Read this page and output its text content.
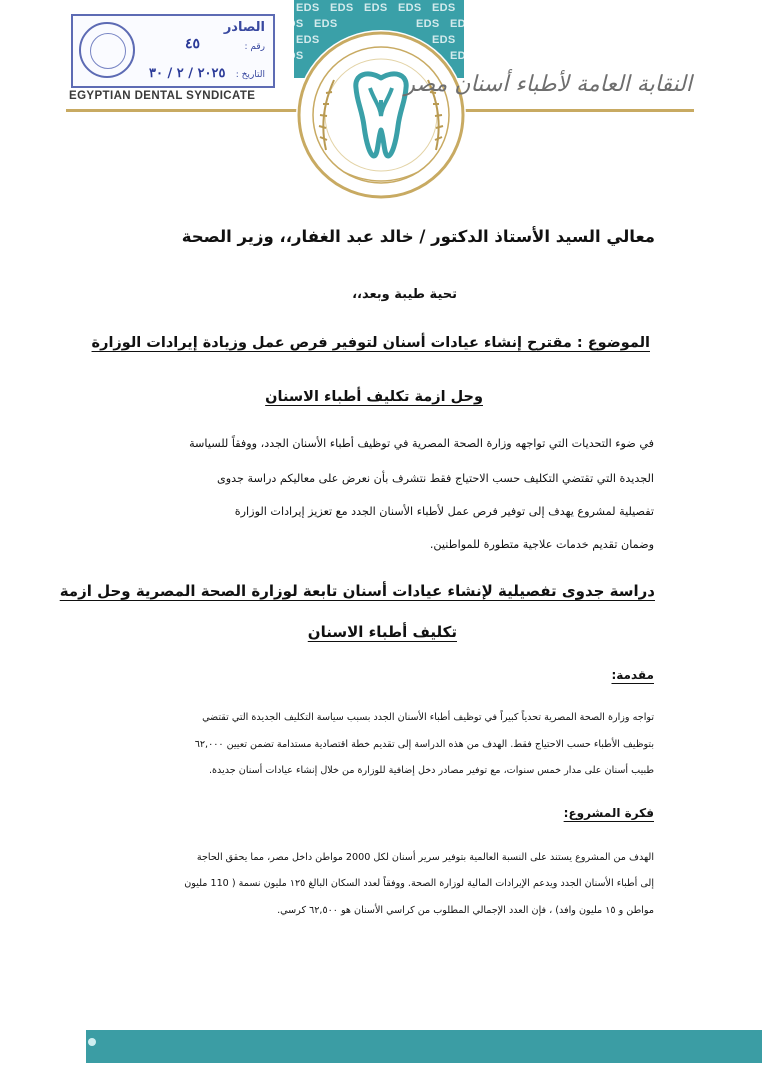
EDS EDS EDS EDS EDS
EDS EDS	EDS EDS
EDS	EDS
EDS	EDS
الصادر
رقم :
٤٥
التاريخ :
٢٠٢٥ / ٢ / ٣٠
EGYPTIAN DENTAL SYNDICATE	النقابة العامة لأطباء أسنان مصر
معالي السيد الأستاذ الدكتور / خالد عبد الغفار،، وزير الصحة
تحية طيبة وبعد،،
الموضوع : مقترح إنشاء عيادات أسنان لتوفير فرص عمل وزيادة إيرادات الوزارة
وحل ازمة تكليف أطباء الاسنان
في ضوء التحديات التي تواجهه وزارة الصحة المصرية في توظيف أطباء الأسنان الجدد، ووفقاً للسياسة
الجديدة التي تقتضي التكليف حسب الاحتياج فقط نتشرف بأن نعرض على معاليكم دراسة جدوى
تفصيلية لمشروع يهدف إلى توفير فرص عمل لأطباء الأسنان الجدد مع تعزيز إيرادات الوزارة
وضمان تقديم خدمات علاجية متطورة للمواطنين.
دراسة جدوى تفصيلية لإنشاء عيادات أسنان تابعة لوزارة الصحة المصرية وحل ازمة
تكليف أطباء الاسنان
مقدمة:
تواجه وزارة الصحة المصرية تحدياً كبيراً في توظيف أطباء الأسنان الجدد بسبب سياسة التكليف الجديدة التي تقتضي
بتوظيف الأطباء حسب الاحتياج فقط. الهدف من هذه الدراسة إلى تقديم خطة اقتصادية مستدامة تضمن تعيين ٦٢,٠٠٠
طبيب أسنان على مدار خمس سنوات، مع توفير مصادر دخل إضافية للوزارة من خلال إنشاء عيادات أسنان جديدة.
فكرة المشروع:
الهدف من المشروع يستند على النسبة العالمية بتوفير سرير أسنان لكل 2000 مواطن داخل مصر، مما يحقق الحاجة
إلى أطباء الأسنان الجدد ويدعم الإيرادات المالية لوزارة الصحة. ووفقاً لعدد السكان البالغ ١٢٥ مليون نسمة ( 110 مليون
مواطن و ١٥ مليون وافد) ، فإن العدد الإجمالي المطلوب من كراسي الأسنان هو ٦٢,٥٠٠ كرسي.
